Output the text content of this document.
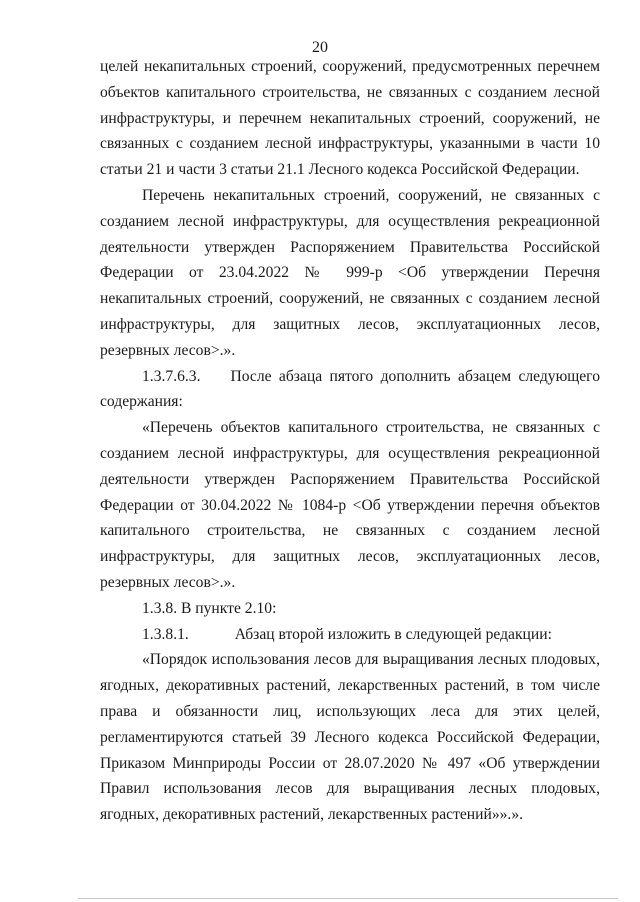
20

целей некапитальных строений, сооружений, предусмотренных перечнем объектов капитального строительства, не связанных с созданием лесной инфраструктуры, и перечнем некапитальных строений, сооружений, не связанных с созданием лесной инфраструктуры, указанными в части 10 статьи 21 и части 3 статьи 21.1 Лесного кодекса Российской Федерации.

Перечень некапитальных строений, сооружений, не связанных с созданием лесной инфраструктуры, для осуществления рекреационной деятельности утвержден Распоряжением Правительства Российской Федерации от 23.04.2022 № 999-р <Об утверждении Перечня некапитальных строений, сооружений, не связанных с созданием лесной инфраструктуры, для защитных лесов, эксплуатационных лесов, резервных лесов>.».

1.3.7.6.3. После абзаца пятого дополнить абзацем следующего содержания:

«Перечень объектов капитального строительства, не связанных с созданием лесной инфраструктуры, для осуществления рекреационной деятельности утвержден Распоряжением Правительства Российской Федерации от 30.04.2022 № 1084-р <Об утверждении перечня объектов капитального строительства, не связанных с созданием лесной инфраструктуры, для защитных лесов, эксплуатационных лесов, резервных лесов>.».

1.3.8. В пункте 2.10:

1.3.8.1.	Абзац второй изложить в следующей редакции:

«Порядок использования лесов для выращивания лесных плодовых, ягодных, декоративных растений, лекарственных растений, в том числе права и обязанности лиц, использующих леса для этих целей, регламентируются статьей 39 Лесного кодекса Российской Федерации, Приказом Минприроды России от 28.07.2020 № 497 «Об утверждении Правил использования лесов для выращивания лесных плодовых, ягодных, декоративных растений, лекарственных растений»».».
